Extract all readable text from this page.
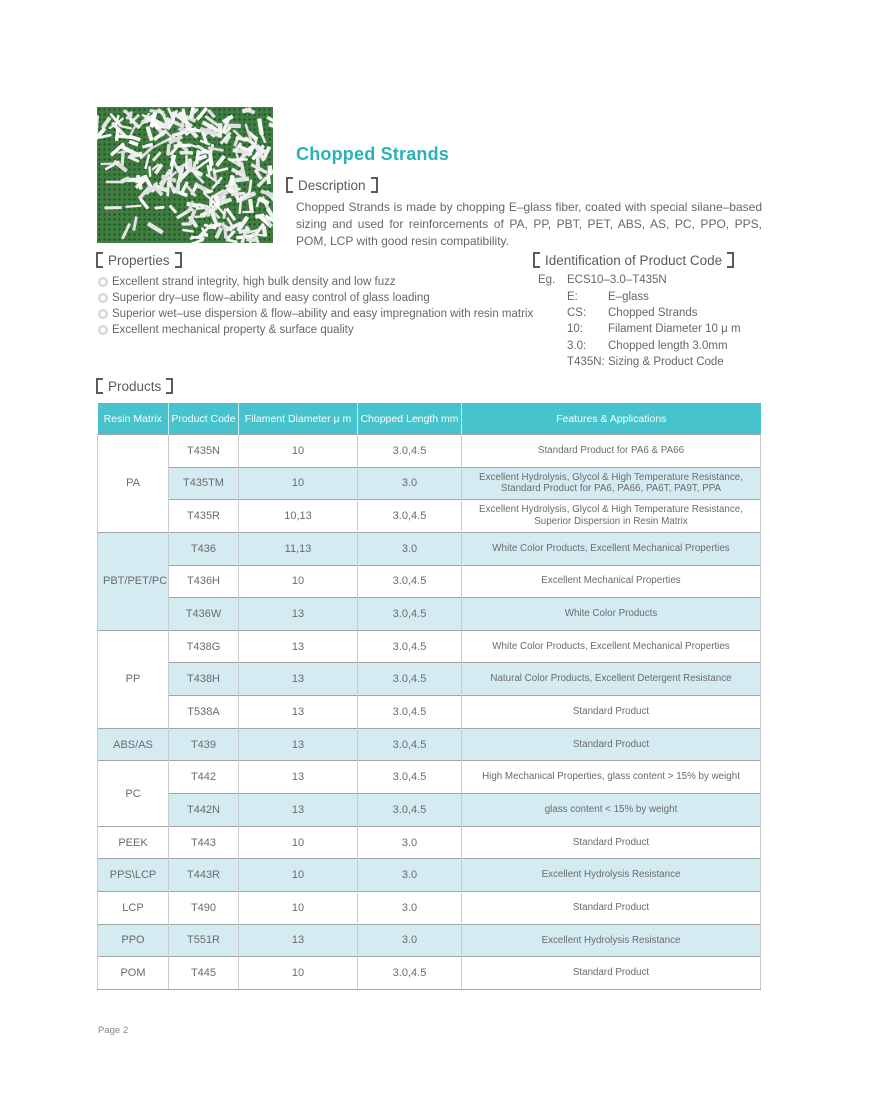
Chopped Strands
Description
Chopped Strands is made by chopping E–glass fiber, coated with special silane–based sizing and used for reinforcements of PA, PP, PBT, PET, ABS, AS, PC, PPO, PPS, POM, LCP with good resin compatibility.
Properties
Excellent strand integrity, high bulk density and low fuzz
Superior dry–use flow–ability and easy control of glass loading
Superior wet–use dispersion & flow–ability and easy impregnation with resin matrix
Excellent mechanical property & surface quality
Identification of Product Code
Eg.	ECS10–3.0–T435N
E:	E–glass
CS:	Chopped Strands
10:	Filament Diameter 10 μ m
3.0:	Chopped length 3.0mm
T435N: Sizing & Product Code
Products
Resin Matrix	Product Code	Filament Diameter μ m	Chopped Length mm	Features & Applications
PA	T435N	10	3.0,4.5	Standard Product for PA6 & PA66
	T435TM	10	3.0	Excellent Hydrolysis, Glycol & High Temperature Resistance, Standard Product for PA6, PA66, PA6T, PA9T, PPA
	T435R	10,13	3.0,4.5	Excellent Hydrolysis, Glycol & High Temperature Resistance, Superior Dispersion in Resin Matrix
PBT/PET/PC	T436	11,13	3.0	White Color Products, Excellent Mechanical Properties
	T436H	10	3.0,4.5	Excellent Mechanical Properties
	T436W	13	3.0,4.5	White Color Products
PP	T438G	13	3.0,4.5	White Color Products, Excellent Mechanical Properties
	T438H	13	3.0,4.5	Natural Color Products, Excellent Detergent Resistance
	T538A	13	3.0,4.5	Standard Product
ABS/AS	T439	13	3.0,4.5	Standard Product
PC	T442	13	3.0,4.5	High Mechanical Properties, glass content > 15% by weight
	T442N	13	3.0,4.5	glass content < 15% by weight
PEEK	T443	10	3.0	Standard Product
PPS\LCP	T443R	10	3.0	Excellent Hydrolysis Resistance
LCP	T490	10	3.0	Standard Product
PPO	T551R	13	3.0	Excellent Hydrolysis Resistance
POM	T445	10	3.0,4.5	Standard Product
Page 2
